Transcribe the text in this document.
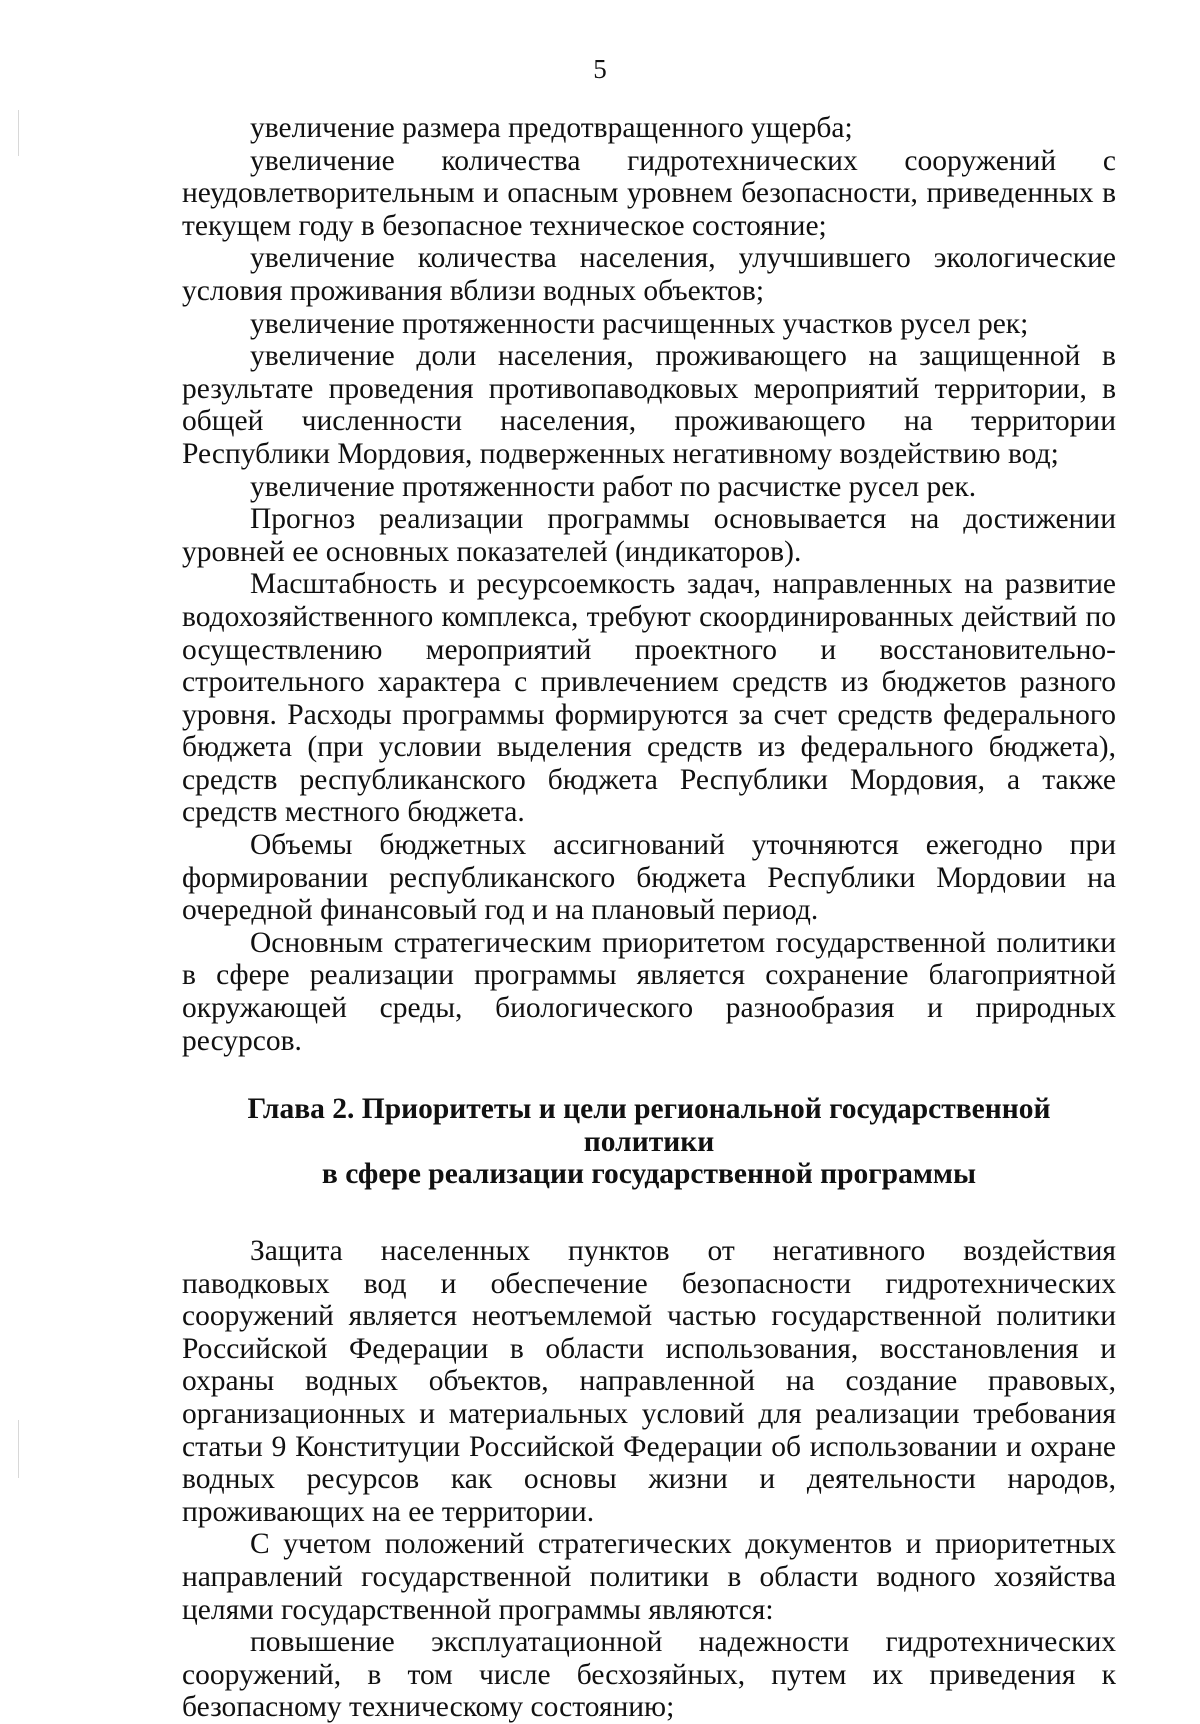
5

увеличение размера предотвращенного ущерба;

увеличение количества гидротехнических сооружений с неудовлетворительным и опасным уровнем безопасности, приведенных в текущем году в безопасное техническое состояние;

увеличение количества населения, улучшившего экологические условия проживания вблизи водных объектов;

увеличение протяженности расчищенных участков русел рек;

увеличение доли населения, проживающего на защищенной в результате проведения противопаводковых мероприятий территории, в общей численности населения, проживающего на территории Республики Мордовия, подверженных негативному воздействию вод;

увеличение протяженности работ по расчистке русел рек.

Прогноз реализации программы основывается на достижении уровней ее основных показателей (индикаторов).

Масштабность и ресурсоемкость задач, направленных на развитие водохозяйственного комплекса, требуют скоординированных действий по осуществлению мероприятий проектного и восстановительно-строительного характера с привлечением средств из бюджетов разного уровня. Расходы программы формируются за счет средств федерального бюджета (при условии выделения средств из федерального бюджета), средств республиканского бюджета Республики Мордовия, а также средств местного бюджета.

Объемы бюджетных ассигнований уточняются ежегодно при формировании республиканского бюджета Республики Мордовии на очередной финансовый год и на плановый период.

Основным стратегическим приоритетом государственной политики в сфере реализации программы является сохранение благоприятной окружающей среды, биологического разнообразия и природных ресурсов.

Глава 2. Приоритеты и цели региональной государственной политики
в сфере реализации государственной программы

Защита населенных пунктов от негативного воздействия паводковых вод и обеспечение безопасности гидротехнических сооружений является неотъемлемой частью государственной политики Российской Федерации в области использования, восстановления и охраны водных объектов, направленной на создание правовых, организационных и материальных условий для реализации требования статьи 9 Конституции Российской Федерации об использовании и охране водных ресурсов как основы жизни и деятельности народов, проживающих на ее территории.

С учетом положений стратегических документов и приоритетных направлений государственной политики в области водного хозяйства целями государственной программы являются:

повышение эксплуатационной надежности гидротехнических сооружений, в том числе бесхозяйных, путем их приведения к безопасному техническому состоянию;
